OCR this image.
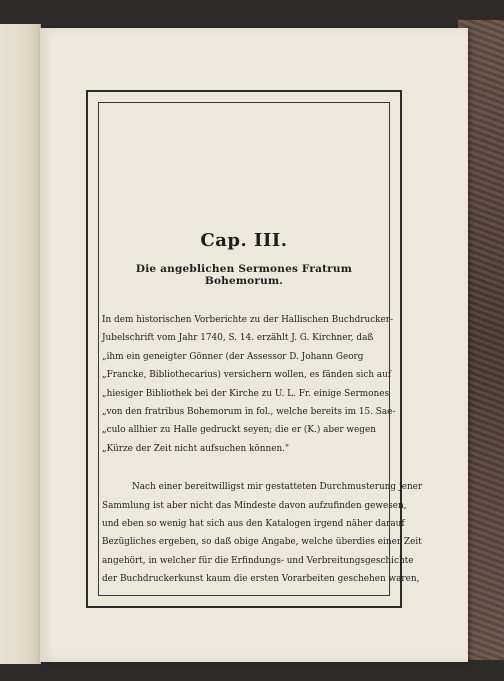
Cap. III.

Die angeblichen Sermones Fratrum Bohemorum.

In dem historischen Vorberichte zu der Hallischen Buchdrucker-
Jubelschrift vom Jahr 1740, S. 14. erzählt J. G. Kirchner, daß
„ihm ein geneigter Gönner (der Assessor D. Johann Georg
„Francke, Bibliothecarius) versichern wollen, es fänden sich auf
„hiesiger Bibliothek bei der Kirche zu U. L. Fr. einige Sermones
„von den fratribus Bohemorum in fol., welche bereits im 15. Sae-
„culo allhier zu Halle gedruckt seyen; die er (K.) aber wegen
„Kürze der Zeit nicht aufsuchen können."

Nach einer bereitwilligst mir gestatteten Durchmusterung jener
Sammlung ist aber nicht das Mindeste davon aufzufinden gewesen,
und eben so wenig hat sich aus den Katalogen irgend näher darauf
Bezügliches ergeben, so daß obige Angabe, welche überdies einer Zeit
angehört, in welcher für die Erfindungs- und Verbreitungsgeschichte
der Buchdruckerkunst kaum die ersten Vorarbeiten geschehen waren,
